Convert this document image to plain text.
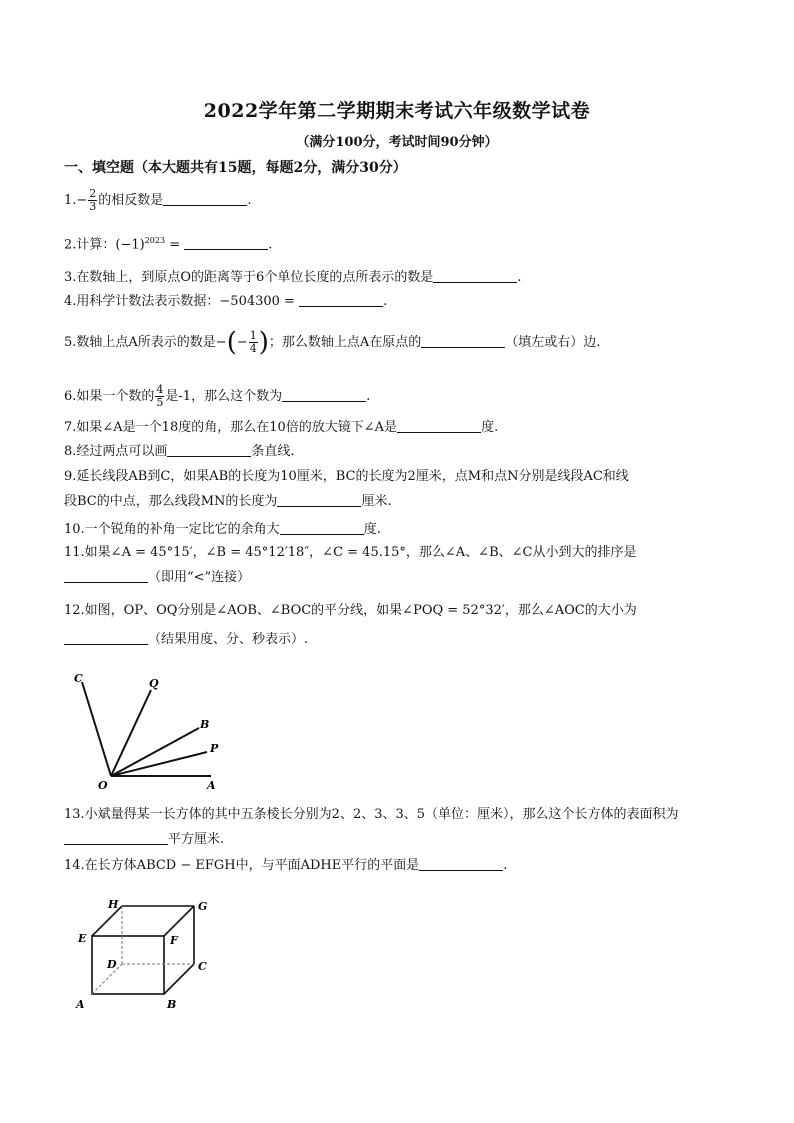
2022学年第二学期期末考试六年级数学试卷
（满分100分，考试时间90分钟）
一、填空题（本大题共有15题，每题2分，满分30分）
$1.- \frac{2}{3}$ 的相反数是	.
2.计算：$(-1)^{2023}$ =	.
3.在数轴上，到原点O的距离等于6个单位长度的点所表示的数是	.
4.用科学计数法表示数据：−504300 =	.
5.数轴上点A所表示的数是−(− $\frac{1}{4}$ )；那么数轴上点A在原点的	（填左或右）边.
6.如果一个数的 $\frac{4}{5}$ 是-1，那么这个数为	.
7.如果∠A是一个18度的角，那么在10倍的放大镜下∠A是	度.
8.经过两点可以画	条直线.
9.延长线段AB到C，如果AB的长度为10厘米，BC的长度为2厘米，点M和点N分别是线段AC和线
段BC的中点，那么线段MN的长度为	厘米.
10.一个锐角的补角一定比它的余角大	度.
11.如果∠A = 45°15′，∠B = 45°12′18″，∠C = 45.15°，那么∠A、∠B、∠C从小到大的排序是
（即用“<”连接）
12.如图，OP、OQ分别是∠AOB、∠BOC的平分线，如果∠POQ = 52°32′，那么∠AOC的大小为
（结果用度、分、秒表示）.
C	Q
B
P
O	A
13.小斌量得某一长方体的其中五条棱长分别为2、2、3、3、5（单位：厘米），那么这个长方体的表面积为
平方厘米.
14.在长方体ABCD − EFGH中，与平面ADHE平行的平面是	.
H	G
E	F
D	C
A	B
